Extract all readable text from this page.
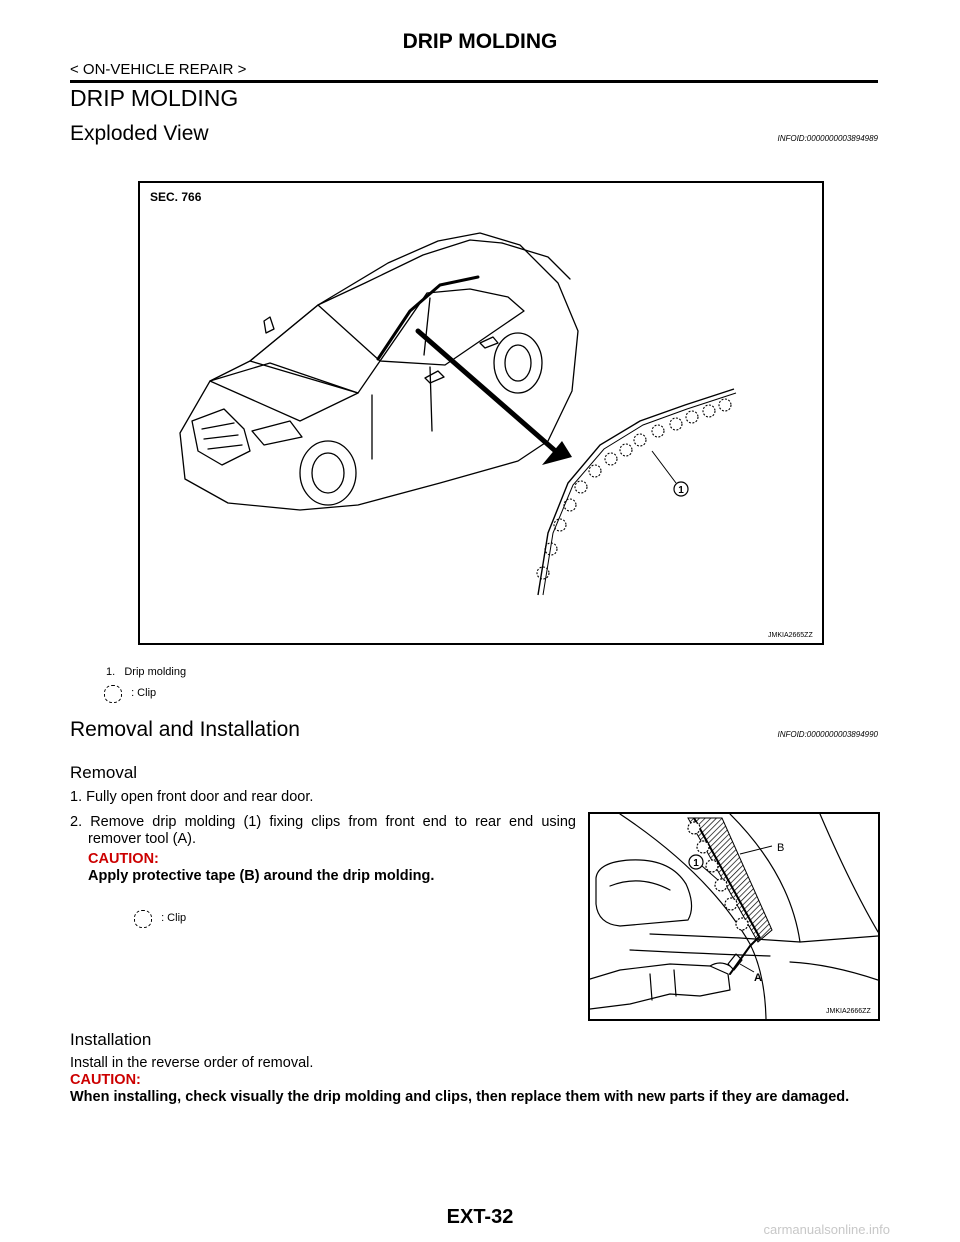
DRIP MOLDING
< ON-VEHICLE REPAIR >
DRIP MOLDING
Exploded View	INFOID:0000000003894989
SEC. 766
1
JMKIA2665ZZ
1. Drip molding
: Clip
Removal and Installation	INFOID:0000000003894990
Removal
1. Fully open front door and rear door.
2. Remove drip molding (1) fixing clips from front end to rear end using remover tool (A).
CAUTION:
Apply protective tape (B) around the drip molding.
: Clip
B
1
A
JMKIA2666ZZ
Installation
Install in the reverse order of removal.
CAUTION:
When installing, check visually the drip molding and clips, then replace them with new parts if they are damaged.
EXT-32
carmanualsonline.info
